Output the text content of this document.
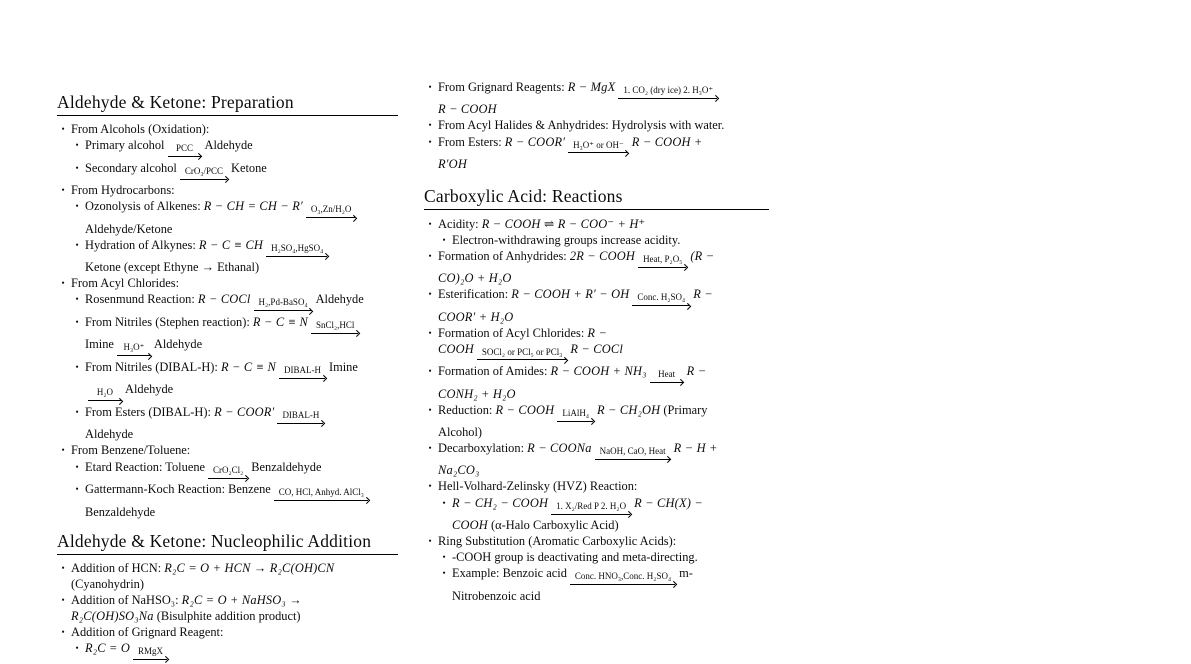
Aldehyde & Ketone: Preparation
• From Alcohols (Oxidation):
• Primary alcohol	PCC Aldehyde
• Secondary alcohol CrO₃/PCC Ketone
• From Hydrocarbons:
• Ozonolysis of Alkenes: R − CH = CH − R′ O₃,Zn/H₂O

Aldehyde/Ketone
• Hydration of Alkynes: R − C ≡ CH H₂SO₄,HgSO₄

Ketone (except Ethyne → Ethanal)
• From Acyl Chlorides:
• Rosenmund Reaction: R − COCl H₂,Pd-BaSO₄ Aldehyde
• From Nitriles (Stephen reaction): R − C ≡ N SnCl₂,HCl

Imine	H₃O⁺ Aldehyde
• From Nitriles (DIBAL-H): R − C ≡ N DIBAL-H Imine

H₂O Aldehyde
• From Esters (DIBAL-H): R − COOR′ DIBAL-H

Aldehyde
• From Benzene/Toluene:
• Etard Reaction: Toluene CrO₂Cl₂ Benzaldehyde
• Gattermann-Koch Reaction: Benzene CO, HCl, Anhyd. AlCl₃

Benzaldehyde
Aldehyde & Ketone: Nucleophilic Addition
• Addition of HCN: R₂C = O + HCN → R₂C(OH)CN
(Cyanohydrin)
• Addition of NaHSO₃: R₂C = O + NaHSO₃ →
R₂C(OH)SO₃Na (Bisulphite addition product)
• Addition of Grignard Reagent:
• R₂C = O RMgX
• From Grignard Reagents: R − MgX 1. CO₂ (dry ice) 2. H₃O⁺

R − COOH
• From Acyl Halides & Anhydrides: Hydrolysis with water.
• From Esters: R − COOR′ H₃O⁺ or OH⁻ R − COOH +
R′OH
Carboxylic Acid: Reactions
• Acidity: R − COOH ⇌ R − COO⁻ + H⁺
• Electron-withdrawing groups increase acidity.
• Formation of Anhydrides: 2R − COOH Heat, P₂O₅ (R −
CO)₂O + H₂O
• Esterification: R − COOH + R′ − OH Conc. H₂SO₄ R −
COOR′ + H₂O
• Formation of Acyl Chlorides: R −
COOH SOCl₂ or PCl₅ or PCl₃ R − COCl
• Formation of Amides: R − COOH + NH₃	Heat R −
CONH₂ + H₂O
• Reduction: R − COOH LiAlH₄ R − CH₂OH (Primary
Alcohol)
• Decarboxylation: R − COONa NaOH, CaO, Heat R − H +
Na₂CO₃
• Hell-Volhard-Zelinsky (HVZ) Reaction:
• R − CH₂ − COOH 1. X₂/Red P 2. H₂O R − CH(X) −
COOH (α-Halo Carboxylic Acid)
• Ring Substitution (Aromatic Carboxylic Acids):
• -COOH group is deactivating and meta-directing.
• Example: Benzoic acid Conc. HNO₃,Conc. H₂SO₄ m-
Nitrobenzoic acid
